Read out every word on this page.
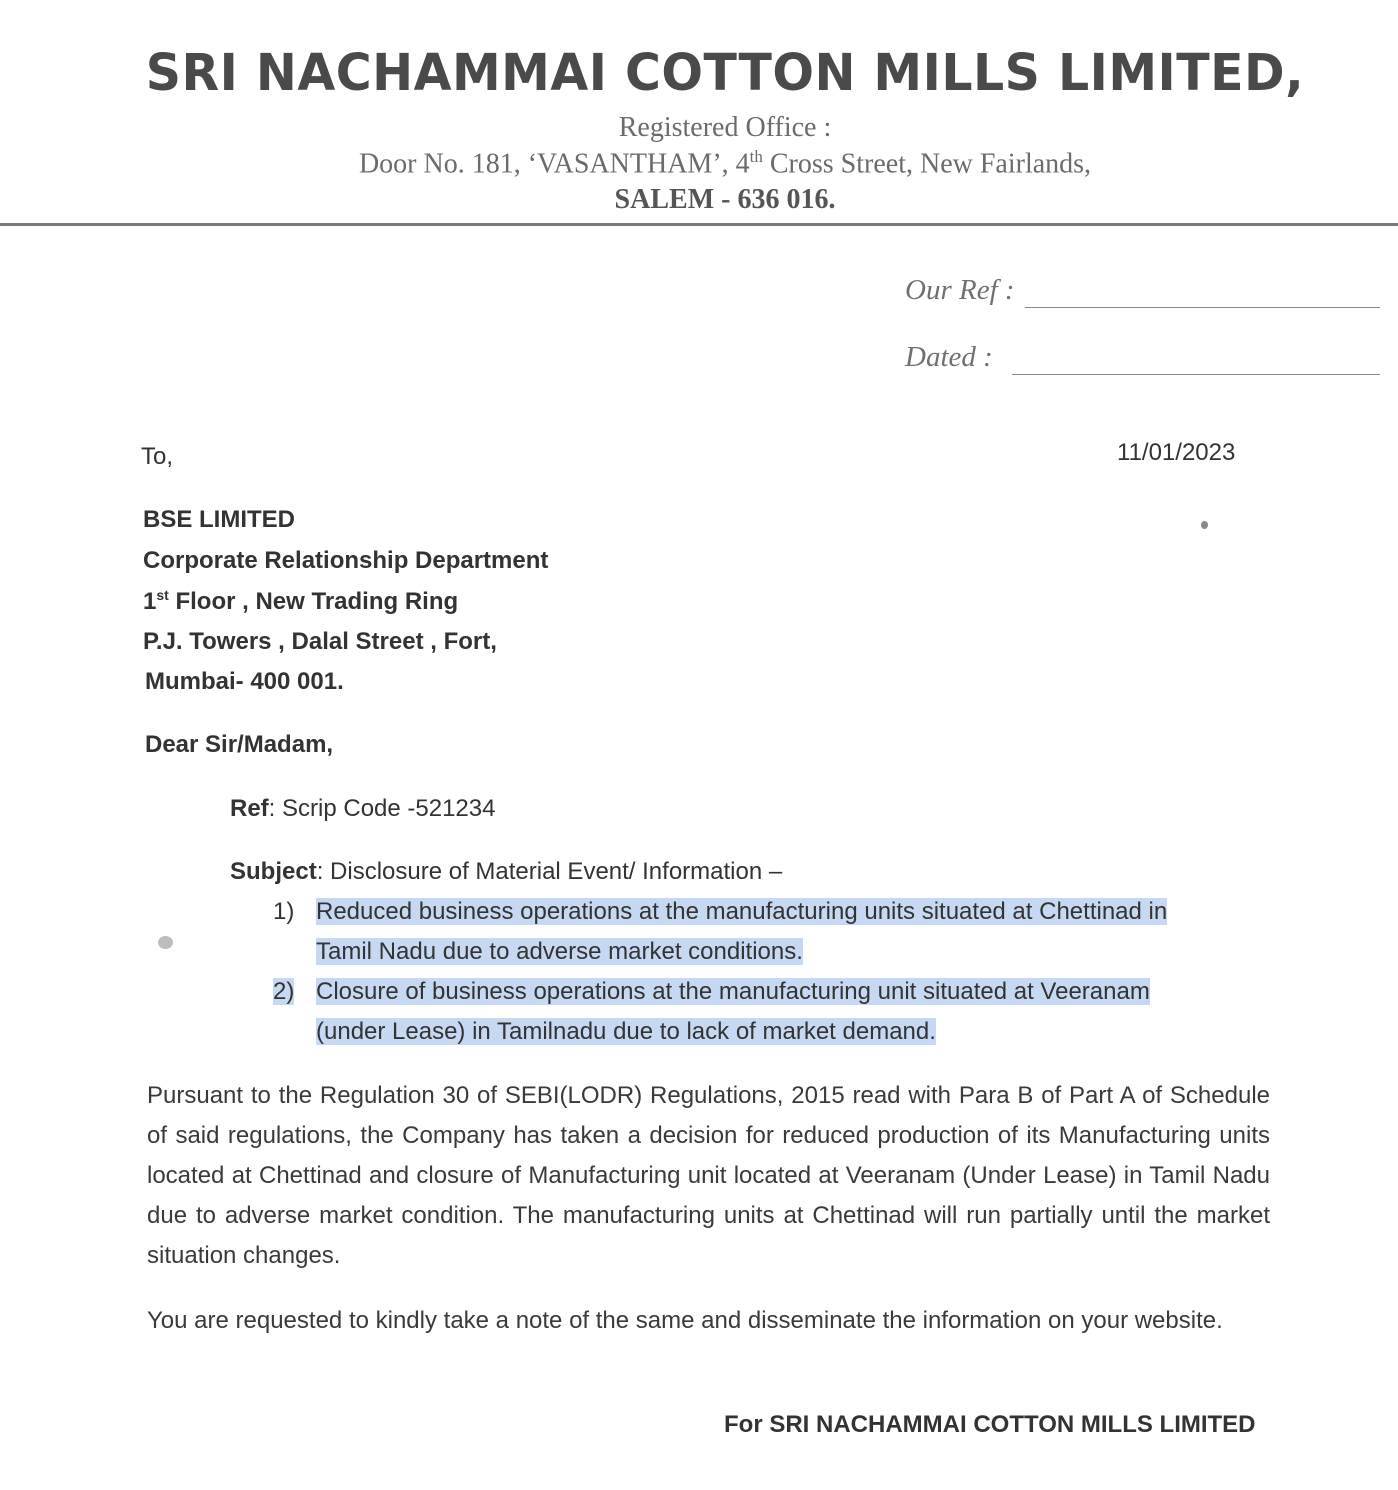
SRI NACHAMMAI COTTON MILLS LIMITED,
Registered Office :
Door No. 181, ‘VASANTHAM’, 4th Cross Street, New Fairlands,
SALEM - 636 016.
Our Ref :
Dated :
To,	11/01/2023
BSE LIMITED
Corporate Relationship Department
1st Floor , New Trading Ring
P.J. Towers , Dalal Street , Fort,
Mumbai- 400 001.
Dear Sir/Madam,
Ref: Scrip Code -521234
Subject: Disclosure of Material Event/ Information –
1) Reduced business operations at the manufacturing units situated at Chettinad in
Tamil Nadu due to adverse market conditions.
2) Closure of business operations at the manufacturing unit situated at Veeranam
(under Lease) in Tamilnadu due to lack of market demand.
Pursuant to the Regulation 30 of SEBI(LODR) Regulations, 2015 read with Para B of Part A of Schedule of said regulations, the Company has taken a decision for reduced production of its Manufacturing units located at Chettinad and closure of Manufacturing unit located at Veeranam (Under Lease) in Tamil Nadu due to adverse market condition. The manufacturing units at Chettinad will run partially until the market situation changes.
You are requested to kindly take a note of the same and disseminate the information on your website.
For SRI NACHAMMAI COTTON MILLS LIMITED
